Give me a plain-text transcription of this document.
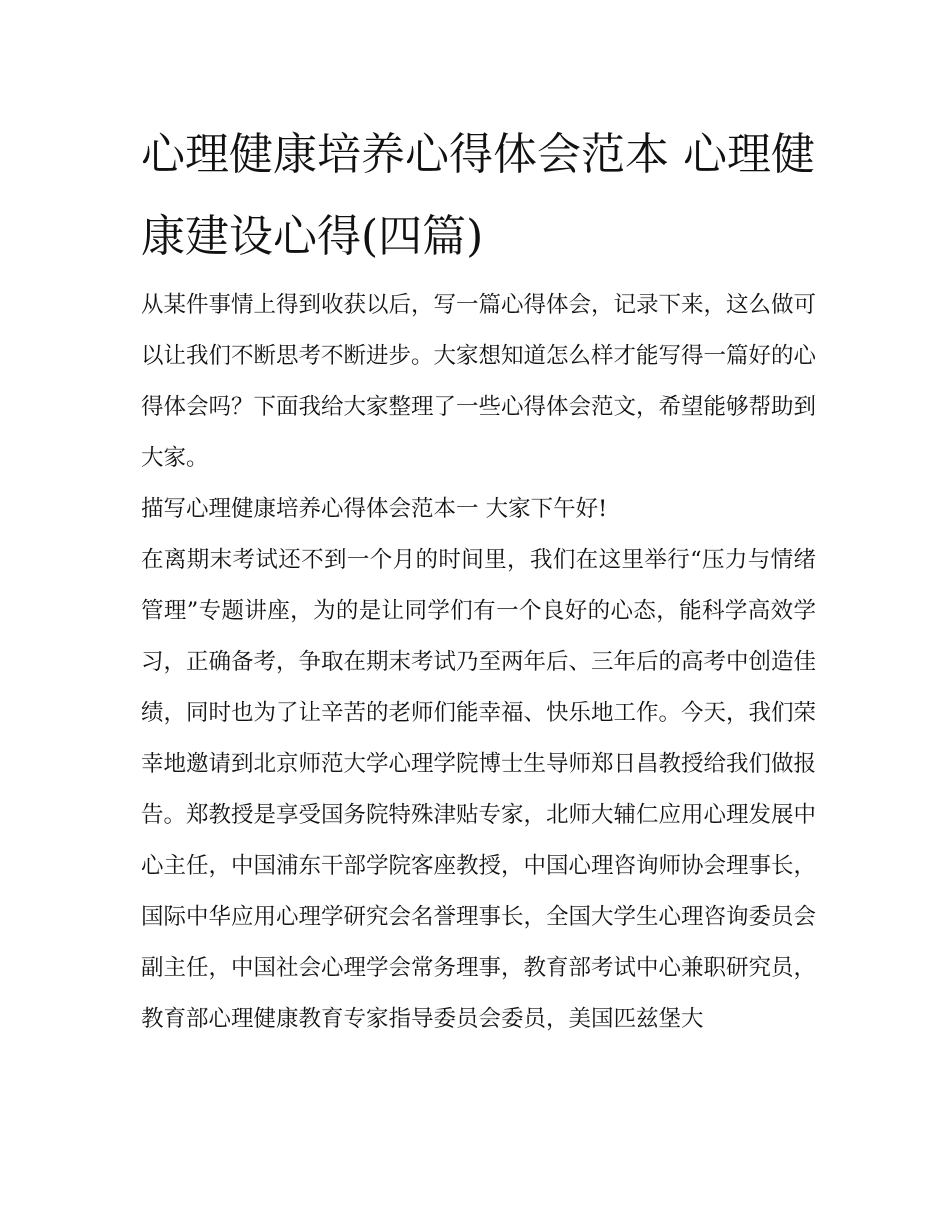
心理健康培养心得体会范本 心理健康建设心得(四篇)

从某件事情上得到收获以后，写一篇心得体会，记录下来，这么做可以让我们不断思考不断进步。大家想知道怎么样才能写得一篇好的心得体会吗？下面我给大家整理了一些心得体会范文，希望能够帮助到大家。

描写心理健康培养心得体会范本一 大家下午好!

在离期末考试还不到一个月的时间里，我们在这里举行“压力与情绪管理”专题讲座，为的是让同学们有一个良好的心态，能科学高效学习，正确备考，争取在期末考试乃至两年后、三年后的高考中创造佳绩，同时也为了让辛苦的老师们能幸福、快乐地工作。今天，我们荣幸地邀请到北京师范大学心理学院博士生导师郑日昌教授给我们做报告。郑教授是享受国务院特殊津贴专家，北师大辅仁应用心理发展中心主任，中国浦东干部学院客座教授，中国心理咨询师协会理事长，国际中华应用心理学研究会名誉理事长，全国大学生心理咨询委员会副主任，中国社会心理学会常务理事，教育部考试中心兼职研究员，教育部心理健康教育专家指导委员会委员，美国匹兹堡大
